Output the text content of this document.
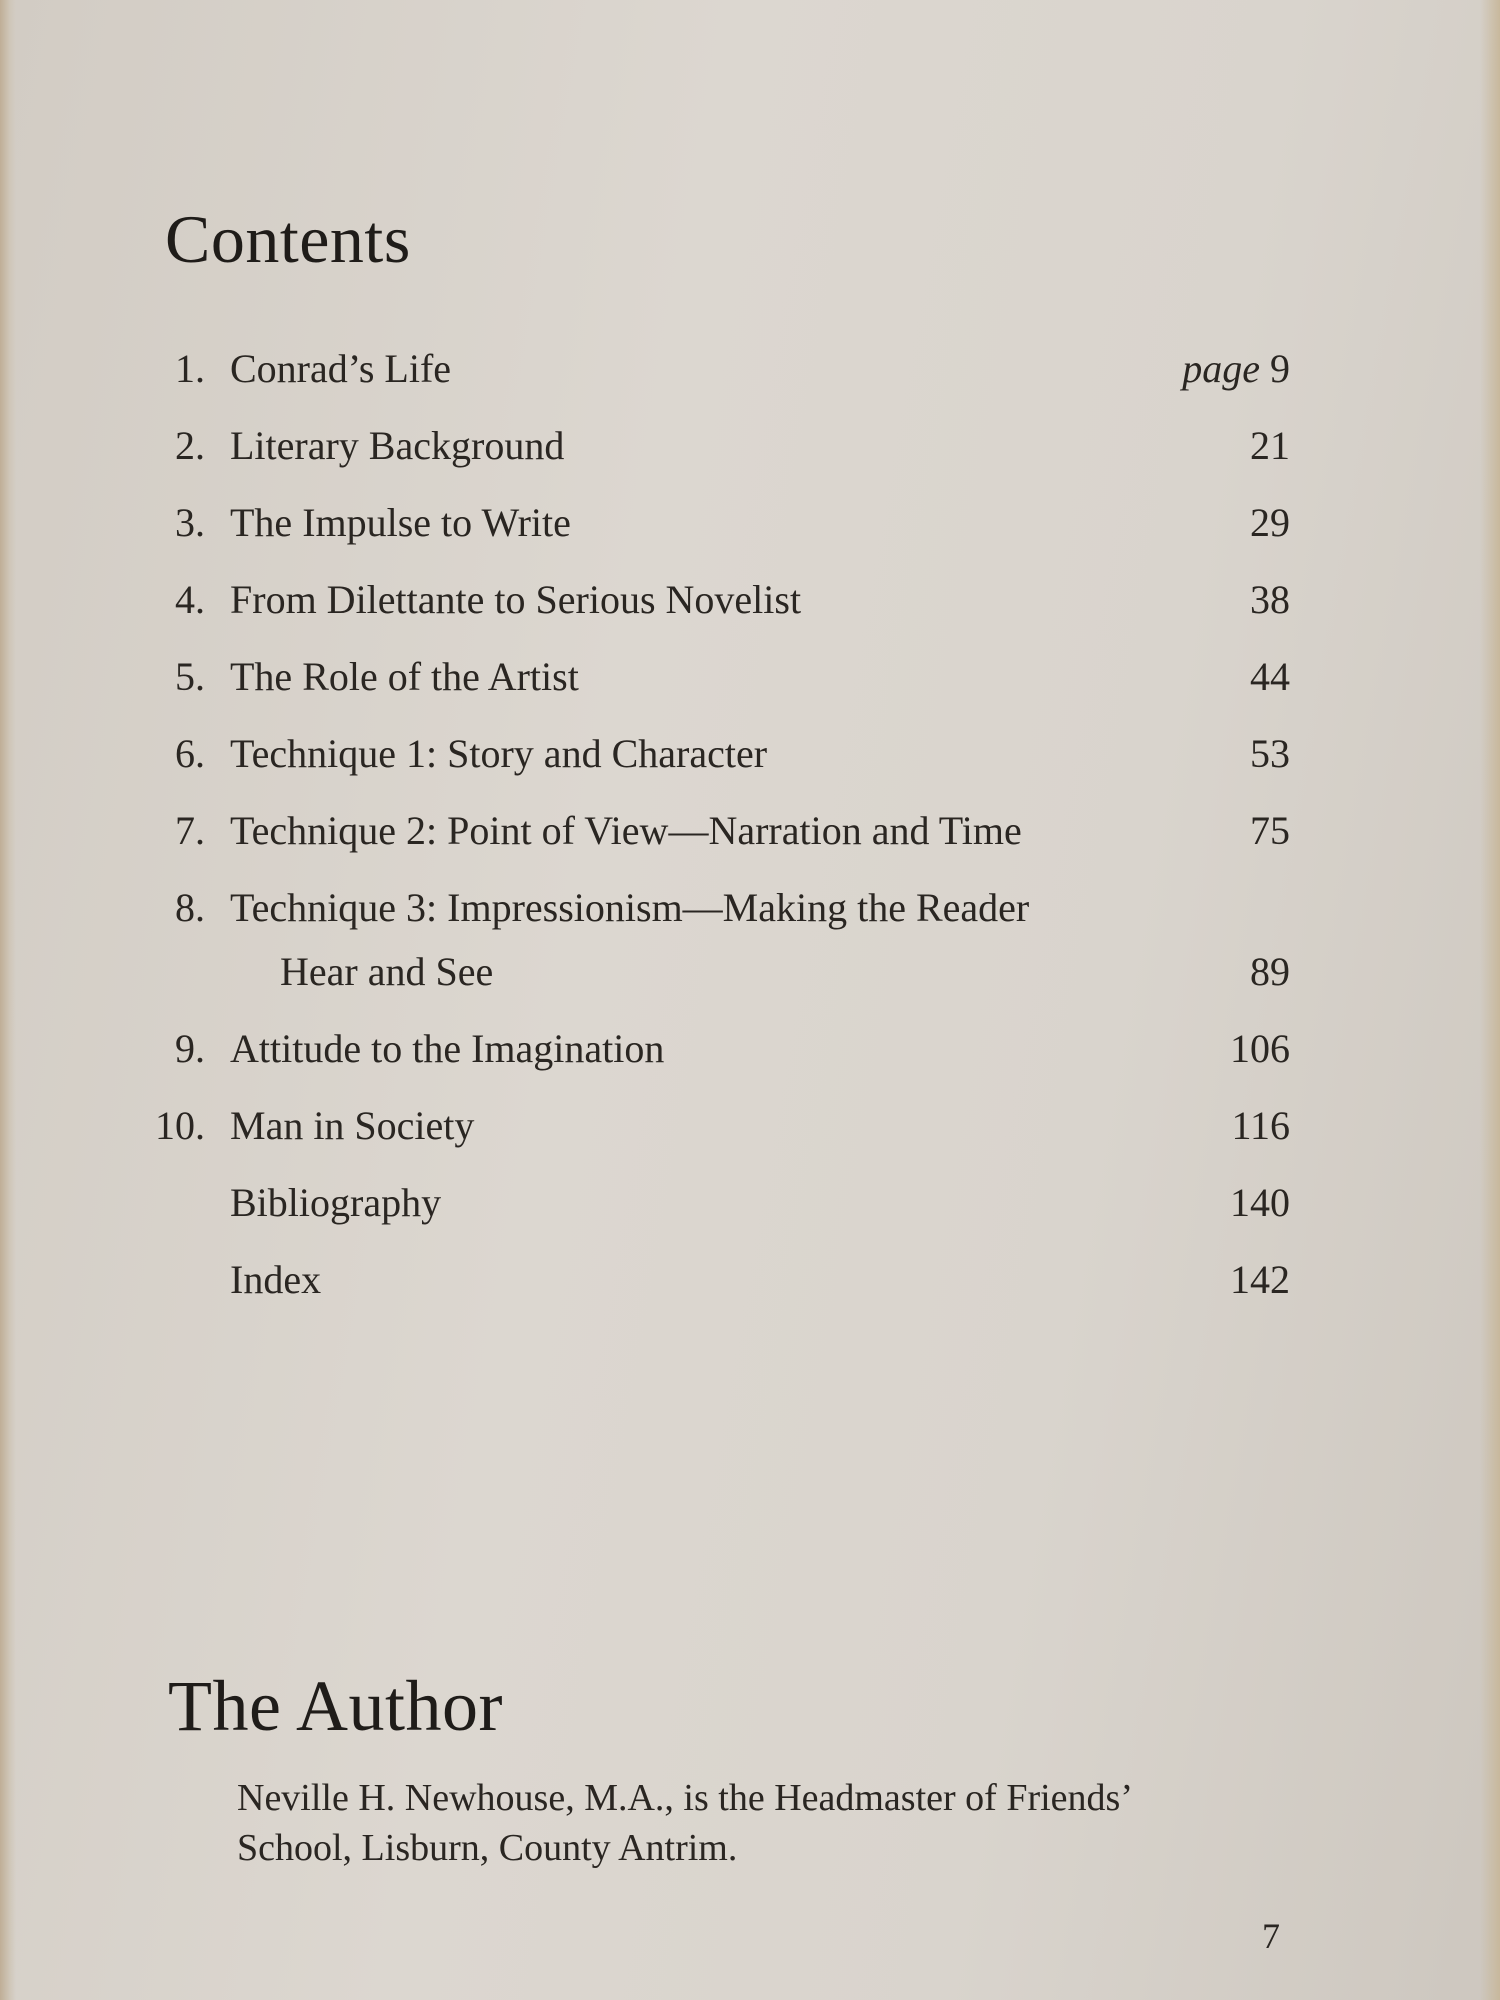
Contents
1. Conrad’s Life	page 9
2. Literary Background	21
3. The Impulse to Write	29
4. From Dilettante to Serious Novelist	38
5. The Role of the Artist	44
6. Technique 1: Story and Character	53
7. Technique 2: Point of View—Narration and Time	75
8. Technique 3: Impressionism—Making the Reader
Hear and See	89
9. Attitude to the Imagination	106
10. Man in Society	116
Bibliography	140
Index	142
The Author

Neville H. Newhouse, M.A., is the Headmaster of Friends’
School, Lisburn, County Antrim.

7
